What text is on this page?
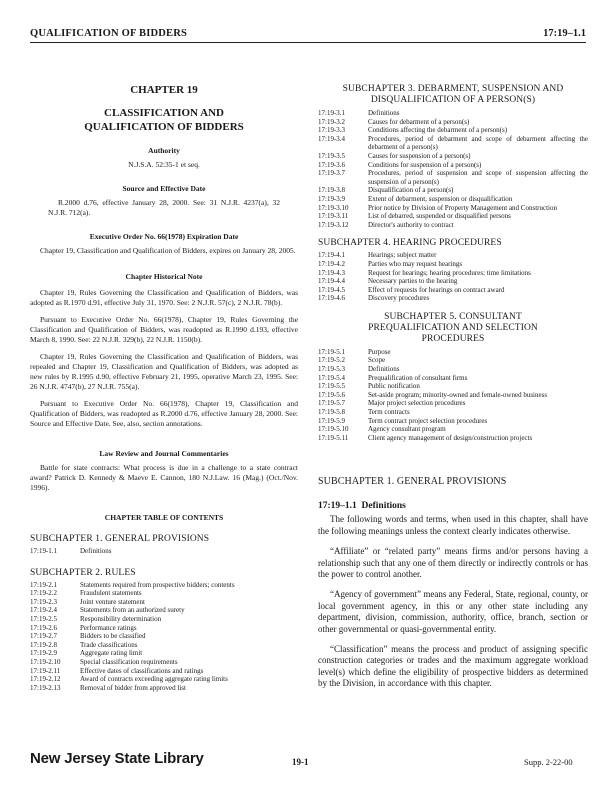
QUALIFICATION OF BIDDERS	17:19–1.1
CHAPTER 19
CLASSIFICATION AND QUALIFICATION OF BIDDERS
Authority
N.J.S.A. 52:35-1 et seq.
Source and Effective Date
R.2000 d.76, effective January 28, 2000. See: 31 N.J.R. 4237(a), 32 N.J.R. 712(a).
Executive Order No. 66(1978) Expiration Date
Chapter 19, Classification and Qualification of Bidders, expires on January 28, 2005.
Chapter Historical Note

Chapter 19, Rules Governing the Classification and Qualification of Bidders, was adopted as R.1970 d.91, effective July 31, 1970. See: 2 N.J.R. 57(c), 2 N.J.R. 78(b).

Pursuant to Executive Order No. 66(1978), Chapter 19, Rules Governing the Classification and Qualification of Bidders, was readopted as R.1990 d.193, effective March 8, 1990. See: 22 N.J.R. 329(b), 22 N.J.R. 1150(b).

Chapter 19, Rules Governing the Classification and Qualification of Bidders, was repealed and Chapter 19, Classification and Qualification of Bidders, was adopted as new rules by R.1995 d.90, effective February 21, 1995, operative March 23, 1995. See: 26 N.J.R. 4747(b), 27 N.J.R. 755(a).

Pursuant to Executive Order No. 66(1978), Chapter 19, Classification and Qualification of Bidders, was readopted as R.2000 d.76, effective January 28, 2000. See: Source and Effective Date. See, also, section annotations.

Law Review and Journal Commentaries
Battle for state contracts: What process is due in a challenge to a state contract award? Patrick D. Kennedy & Maeve E. Cannon, 180 N.J.Law. 16 (Mag.) (Oct./Nov. 1996).
CHAPTER TABLE OF CONTENTS
SUBCHAPTER 1. GENERAL PROVISIONS
17:19-1.1	Definitions
SUBCHAPTER 2. RULES
17:19-2.1	Statements required from prospective bidders; contents
17:19-2.2	Fraudulent statements
17:19-2.3	Joint venture statement
17:19-2.4	Statements from an authorized surety
17:19-2.5	Responsibility determination
17:19-2.6	Performance ratings
17:19-2.7	Bidders to be classified
17:19-2.8	Trade classifications
17:19-2.9	Aggregate rating limit
17:19-2.10	Special classification requirements
17:19-2.11	Effective dates of classifications and ratings
17:19-2.12	Award of contracts exceeding aggregate rating limits
17:19-2.13	Removal of bidder from approved list
SUBCHAPTER 3. DEBARMENT, SUSPENSION AND DISQUALIFICATION OF A PERSON(S)
17:19-3.1	Definitions
17:19-3.2	Causes for debarment of a person(s)
17:19-3.3	Conditions affecting the debarment of a person(s)
17:19-3.4	Procedures, period of debarment and scope of debarment affecting the debarment of a person(s)
17:19-3.5	Causes for suspension of a person(s)
17:19-3.6	Conditions for suspension of a person(s)
17:19-3.7	Procedures, period of suspension and scope of suspension affecting the suspension of a person(s)
17:19-3.8	Disqualification of a person(s)
17:19-3.9	Extent of debarment, suspension or disqualification
17:19-3.10	Prior notice by Division of Property Management and Construction
17:19-3.11	List of debarred, suspended or disqualified persons
17:19-3.12	Director's authority to contract
SUBCHAPTER 4. HEARING PROCEDURES
17:19-4.1	Hearings; subject matter
17:19-4.2	Parties who may request hearings
17:19-4.3	Request for hearings; hearing procedures; time limitations
17:19-4.4	Necessary parties to the hearing
17:19-4.5	Effect of requests for hearings on contract award
17:19-4.6	Discovery procedures
SUBCHAPTER 5. CONSULTANT PREQUALIFICATION AND SELECTION PROCEDURES
17:19-5.1	Purpose
17:19-5.2	Scope
17:19-5.3	Definitions
17:19-5.4	Prequalification of consultant firms
17:19-5.5	Public notification
17:19-5.6	Set-aside program; minority-owned and female-owned business
17:19-5.7	Major project selection procedures
17:19-5.8	Term contracts
17:19-5.9	Term contract project selection procedures
17:19-5.10	Agency consultant program
17:19-5.11	Client agency management of design/construction projects
SUBCHAPTER 1. GENERAL PROVISIONS
17:19–1.1 Definitions

The following words and terms, when used in this chapter, shall have the following meanings unless the context clearly indicates otherwise.

“Affiliate” or “related party” means firms and/or persons having a relationship such that any one of them directly or indirectly controls or has the power to control another.

“Agency of government” means any Federal, State, regional, county, or local government agency, in this or any other state including any department, division, commission, authority, office, branch, section or other governmental or quasi-governmental entity.

“Classification” means the process and product of assigning specific construction categories or trades and the maximum aggregate workload level(s) which define the eligibility of prospective bidders as determined by the Division, in accordance with this chapter.

New Jersey State Library	19-1	Supp. 2-22-00
